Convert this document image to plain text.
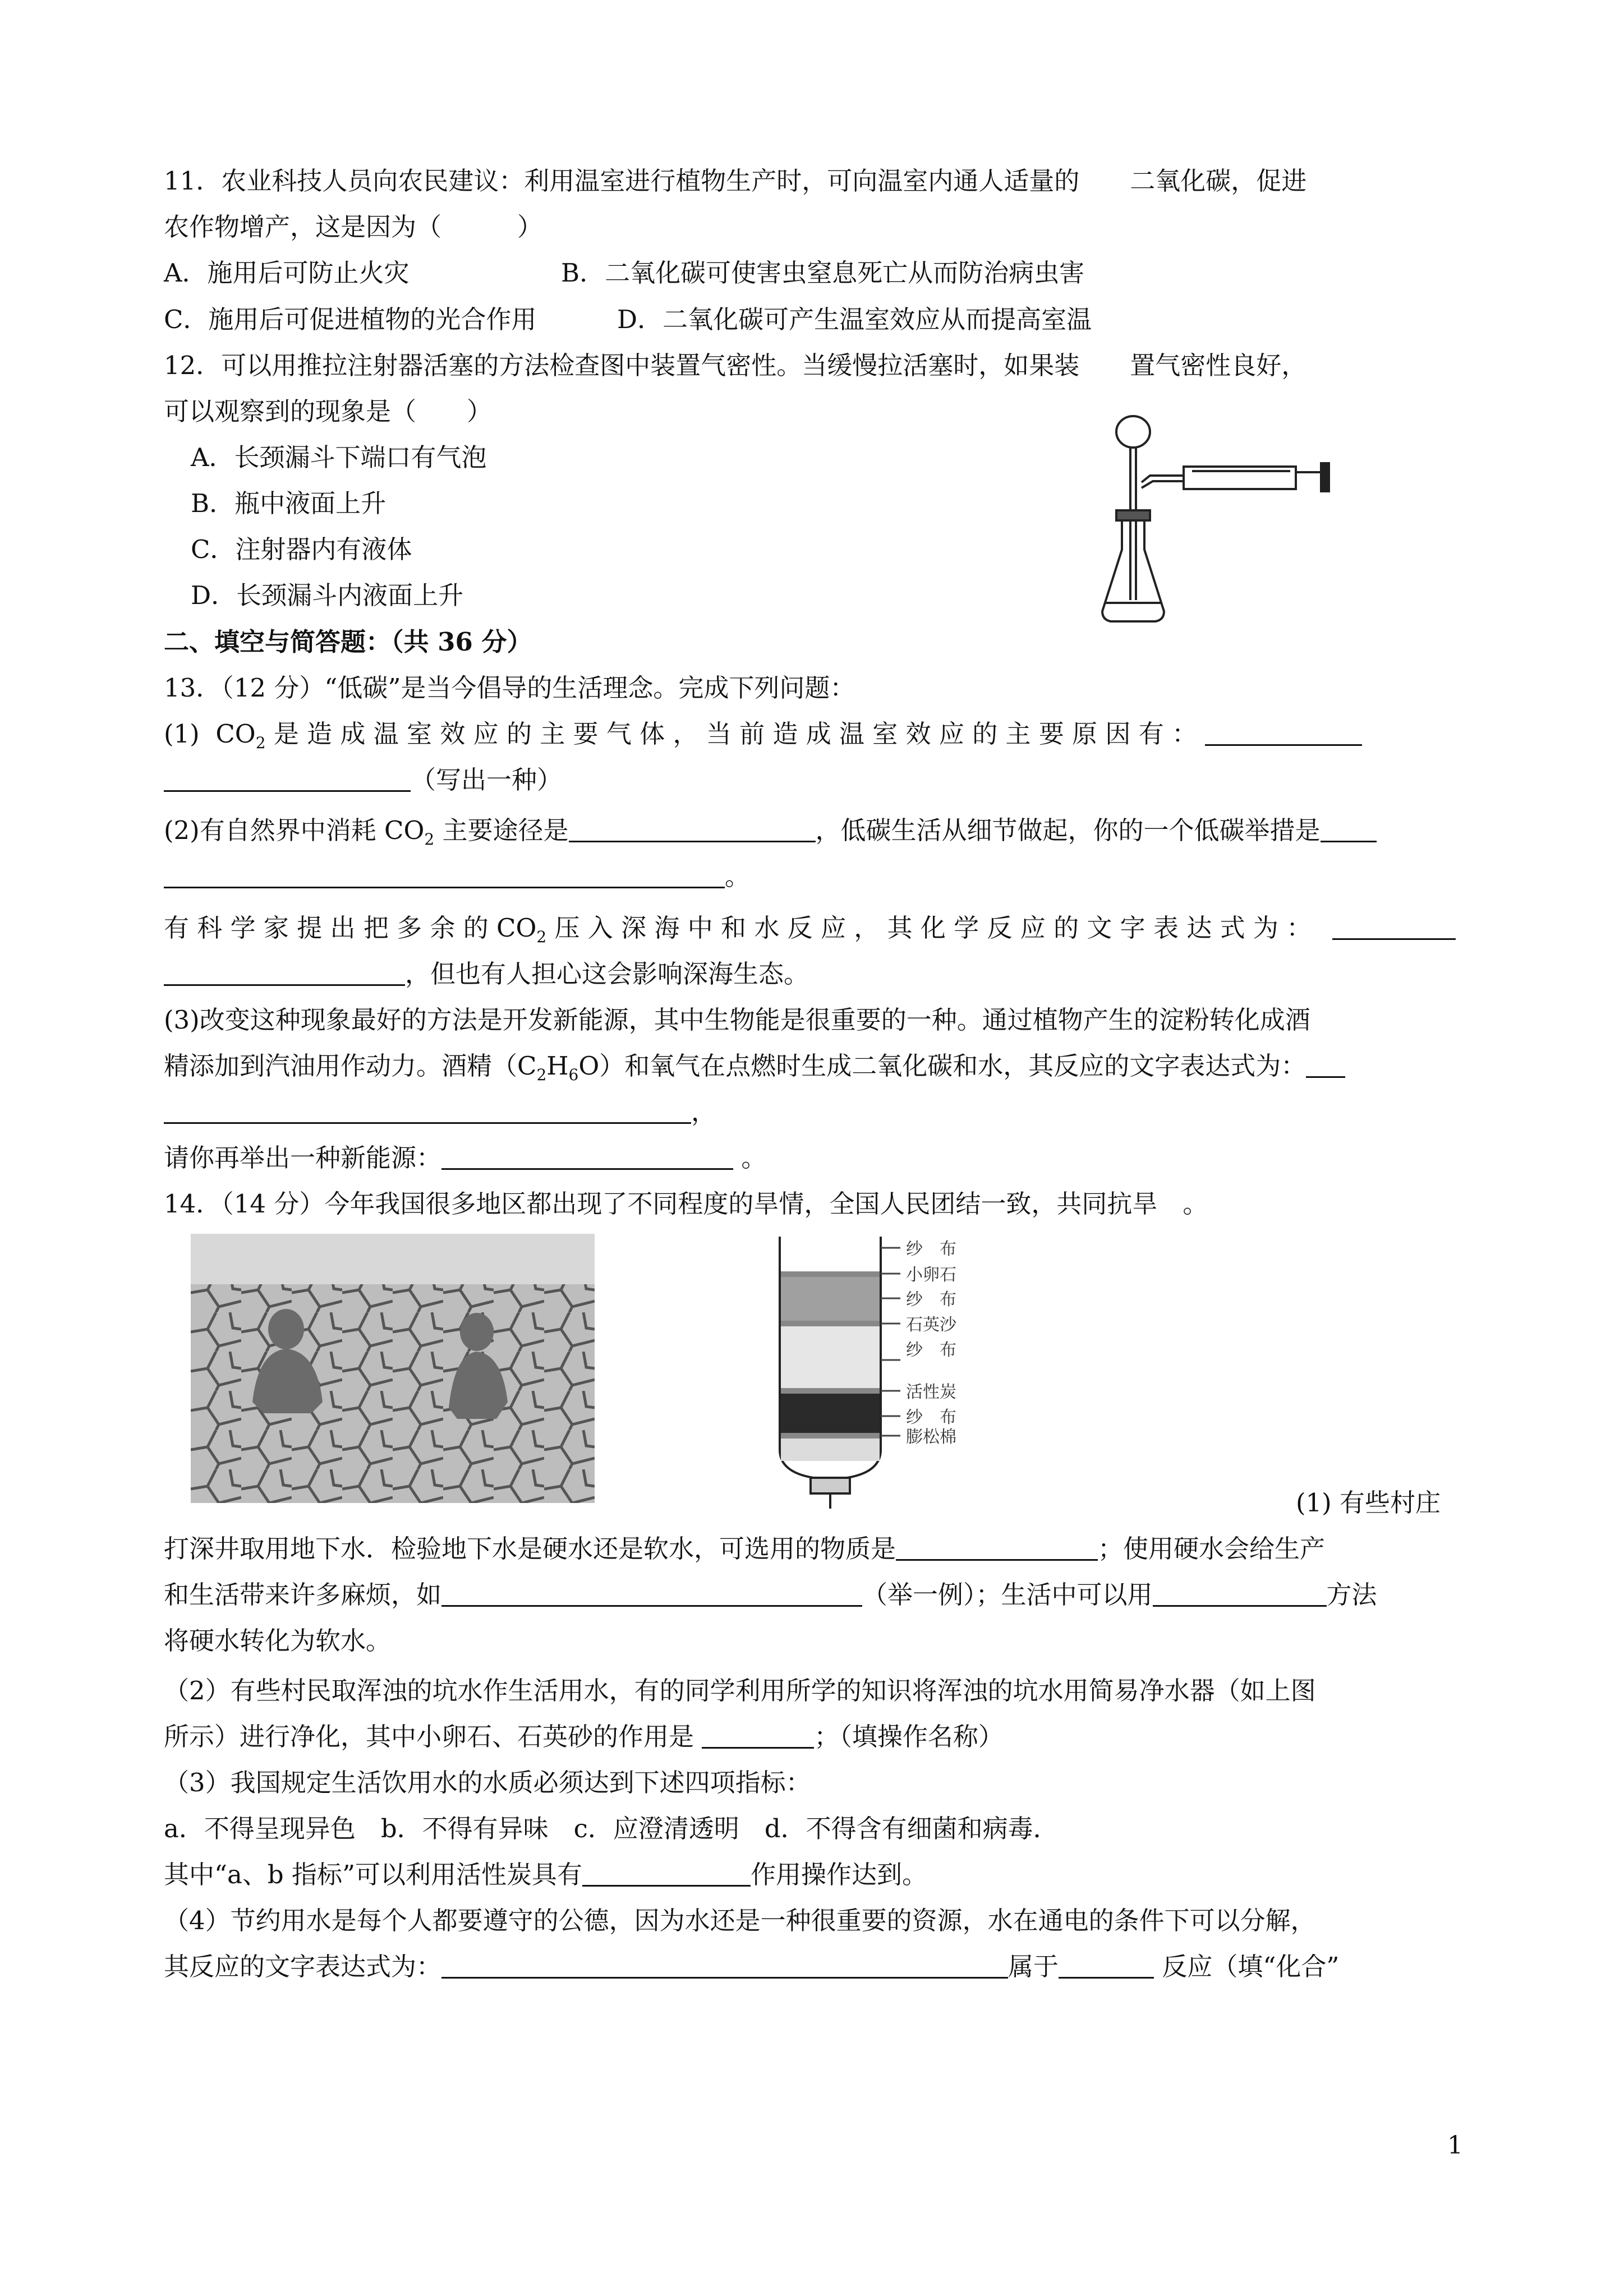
11．农业科技人员向农民建议：利用温室进行植物生产时，可向温室内通人适量的　　二氧化碳，促进
农作物增产，这是因为（　　　）
A．施用后可防止火灾	B．二氧化碳可使害虫窒息死亡从而防治病虫害
C．施用后可促进植物的光合作用	D．二氧化碳可产生温室效应从而提高室温
12．可以用推拉注射器活塞的方法检查图中装置气密性。当缓慢拉活塞时，如果装　　置气密性良好，
可以观察到的现象是（　　）
A．长颈漏斗下端口有气泡
B．瓶中液面上升
C．注射器内有液体
D．长颈漏斗内液面上升
二、填空与简答题：（共 36 分）
13．（12 分）“低碳”是当今倡导的生活理念。完成下列问题：
(1)  $CO_2$ 是 造 成 温 室 效 应 的 主 要 气 体 ， 当 前 造 成 温 室 效 应 的 主 要 原 因 有 ：
（写出一种）
(2)有自然界中消耗 $CO_2$ 主要途径是	，低碳生活从细节做起，你的一个低碳举措是
。
有 科 学 家 提 出 把 多 余 的 $CO_2$ 压 入 深 海 中 和 水 反 应 ， 其 化 学 反 应 的 文 字 表 达 式 为 ：　
，但也有人担心这会影响深海生态。
(3)改变这种现象最好的方法是开发新能源，其中生物能是很重要的一种。通过植物产生的淀粉转化成酒
精添加到汽油用作动力。酒精$(C_2H_6O)$和氧气在点燃时生成二氧化碳和水，其反应的文字表达式为：
，
请你再举出一种新能源：	。
14．（14 分）今年我国很多地区都出现了不同程度的旱情，全国人民团结一致，共同抗旱　。
纱　布
小卵石
纱　布
石英沙
纱　布
活性炭
纱　布
膨松棉
(1) 有些村庄
打深井取用地下水．检验地下水是硬水还是软水，可选用的物质是	；使用硬水会给生产
和生活带来许多麻烦，如	（举一例）；生活中可以用	方法
将硬水转化为软水。
（2）有些村民取浑浊的坑水作生活用水，有的同学利用所学的知识将浑浊的坑水用简易净水器（如上图
所示）进行净化，其中小卵石、石英砂的作用是	；（填操作名称）
（3）我国规定生活饮用水的水质必须达到下述四项指标：
a．不得呈现异色　b．不得有异味　c．应澄清透明　d．不得含有细菌和病毒．
其中“a、b 指标”可以利用活性炭具有	作用操作达到。
（4）节约用水是每个人都要遵守的公德，因为水还是一种很重要的资源，水在通电的条件下可以分解，
其反应的文字表达式为：	属于	反应（填“化合”
1
